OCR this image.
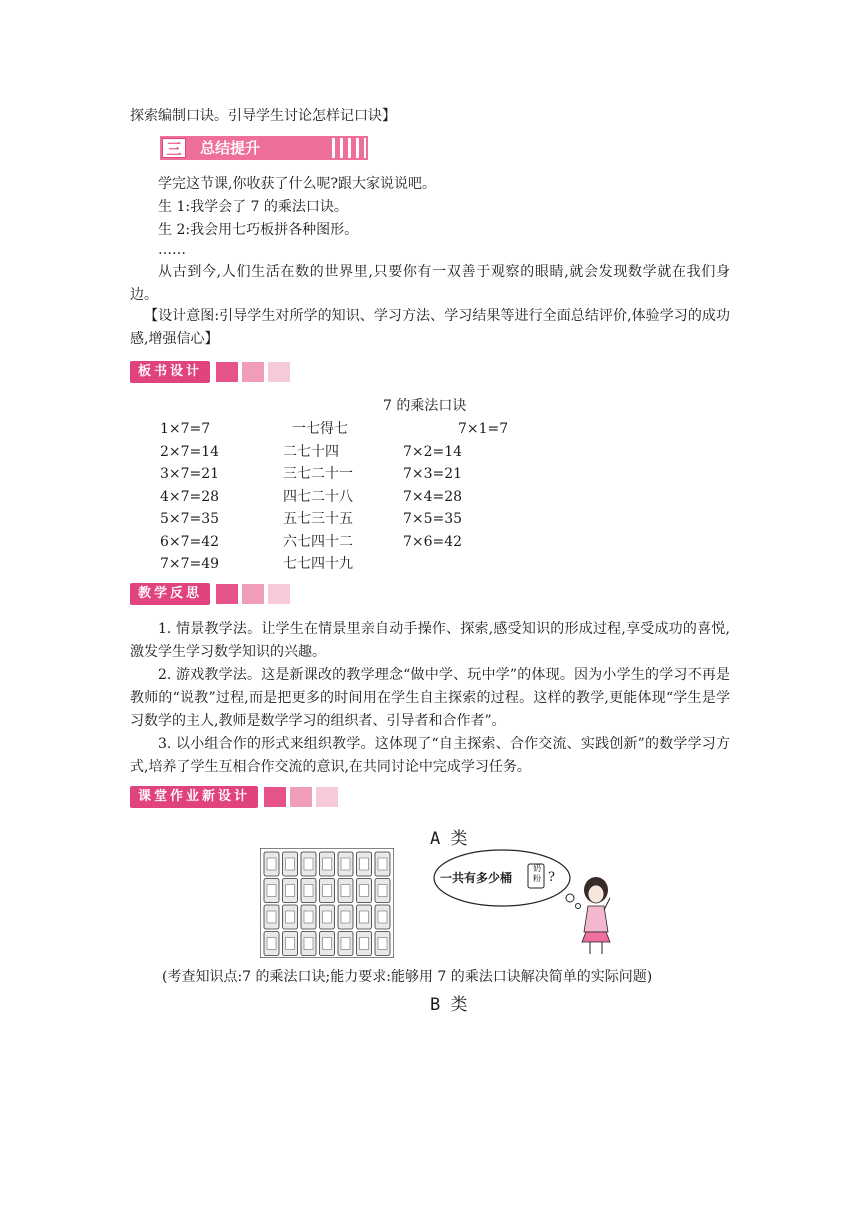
探索编制口诀。引导学生讨论怎样记口诀】
三	总结提升
学完这节课,你收获了什么呢?跟大家说说吧。
生 1:我学会了 7 的乘法口诀。
生 2:我会用七巧板拼各种图形。
……
从古到今,人们生活在数的世界里,只要你有一双善于观察的眼睛,就会发现数学就在我们身边。
【设计意图:引导学生对所学的知识、学习方法、学习结果等进行全面总结评价,体验学习的成功感,增强信心】
板书设计
7 的乘法口诀
1×7=7	一七得七	7×1=7
2×7=14	二七十四	7×2=14
3×7=21	三七二十一	7×3=21
4×7=28	四七二十八	7×4=28
5×7=35	五七三十五	7×5=35
6×7=42	六七四十二	7×6=42
7×7=49	七七四十九
教学反思
1. 情景教学法。让学生在情景里亲自动手操作、探索,感受知识的形成过程,享受成功的喜悦,激发学生学习数学知识的兴趣。
2. 游戏教学法。这是新课改的教学理念“做中学、玩中学”的体现。因为小学生的学习不再是教师的“说教”过程,而是把更多的时间用在学生自主探索的过程。这样的教学,更能体现“学生是学习数学的主人,教师是数学学习的组织者、引导者和合作者”。
3. 以小组合作的形式来组织教学。这体现了“自主探索、合作交流、实践创新”的数学学习方式,培养了学生互相合作交流的意识,在共同讨论中完成学习任务。
课堂作业新设计
A 类
一共有多少桶
奶粉 ?
(考查知识点:7 的乘法口诀;能力要求:能够用 7 的乘法口诀解决简单的实际问题)
B 类
